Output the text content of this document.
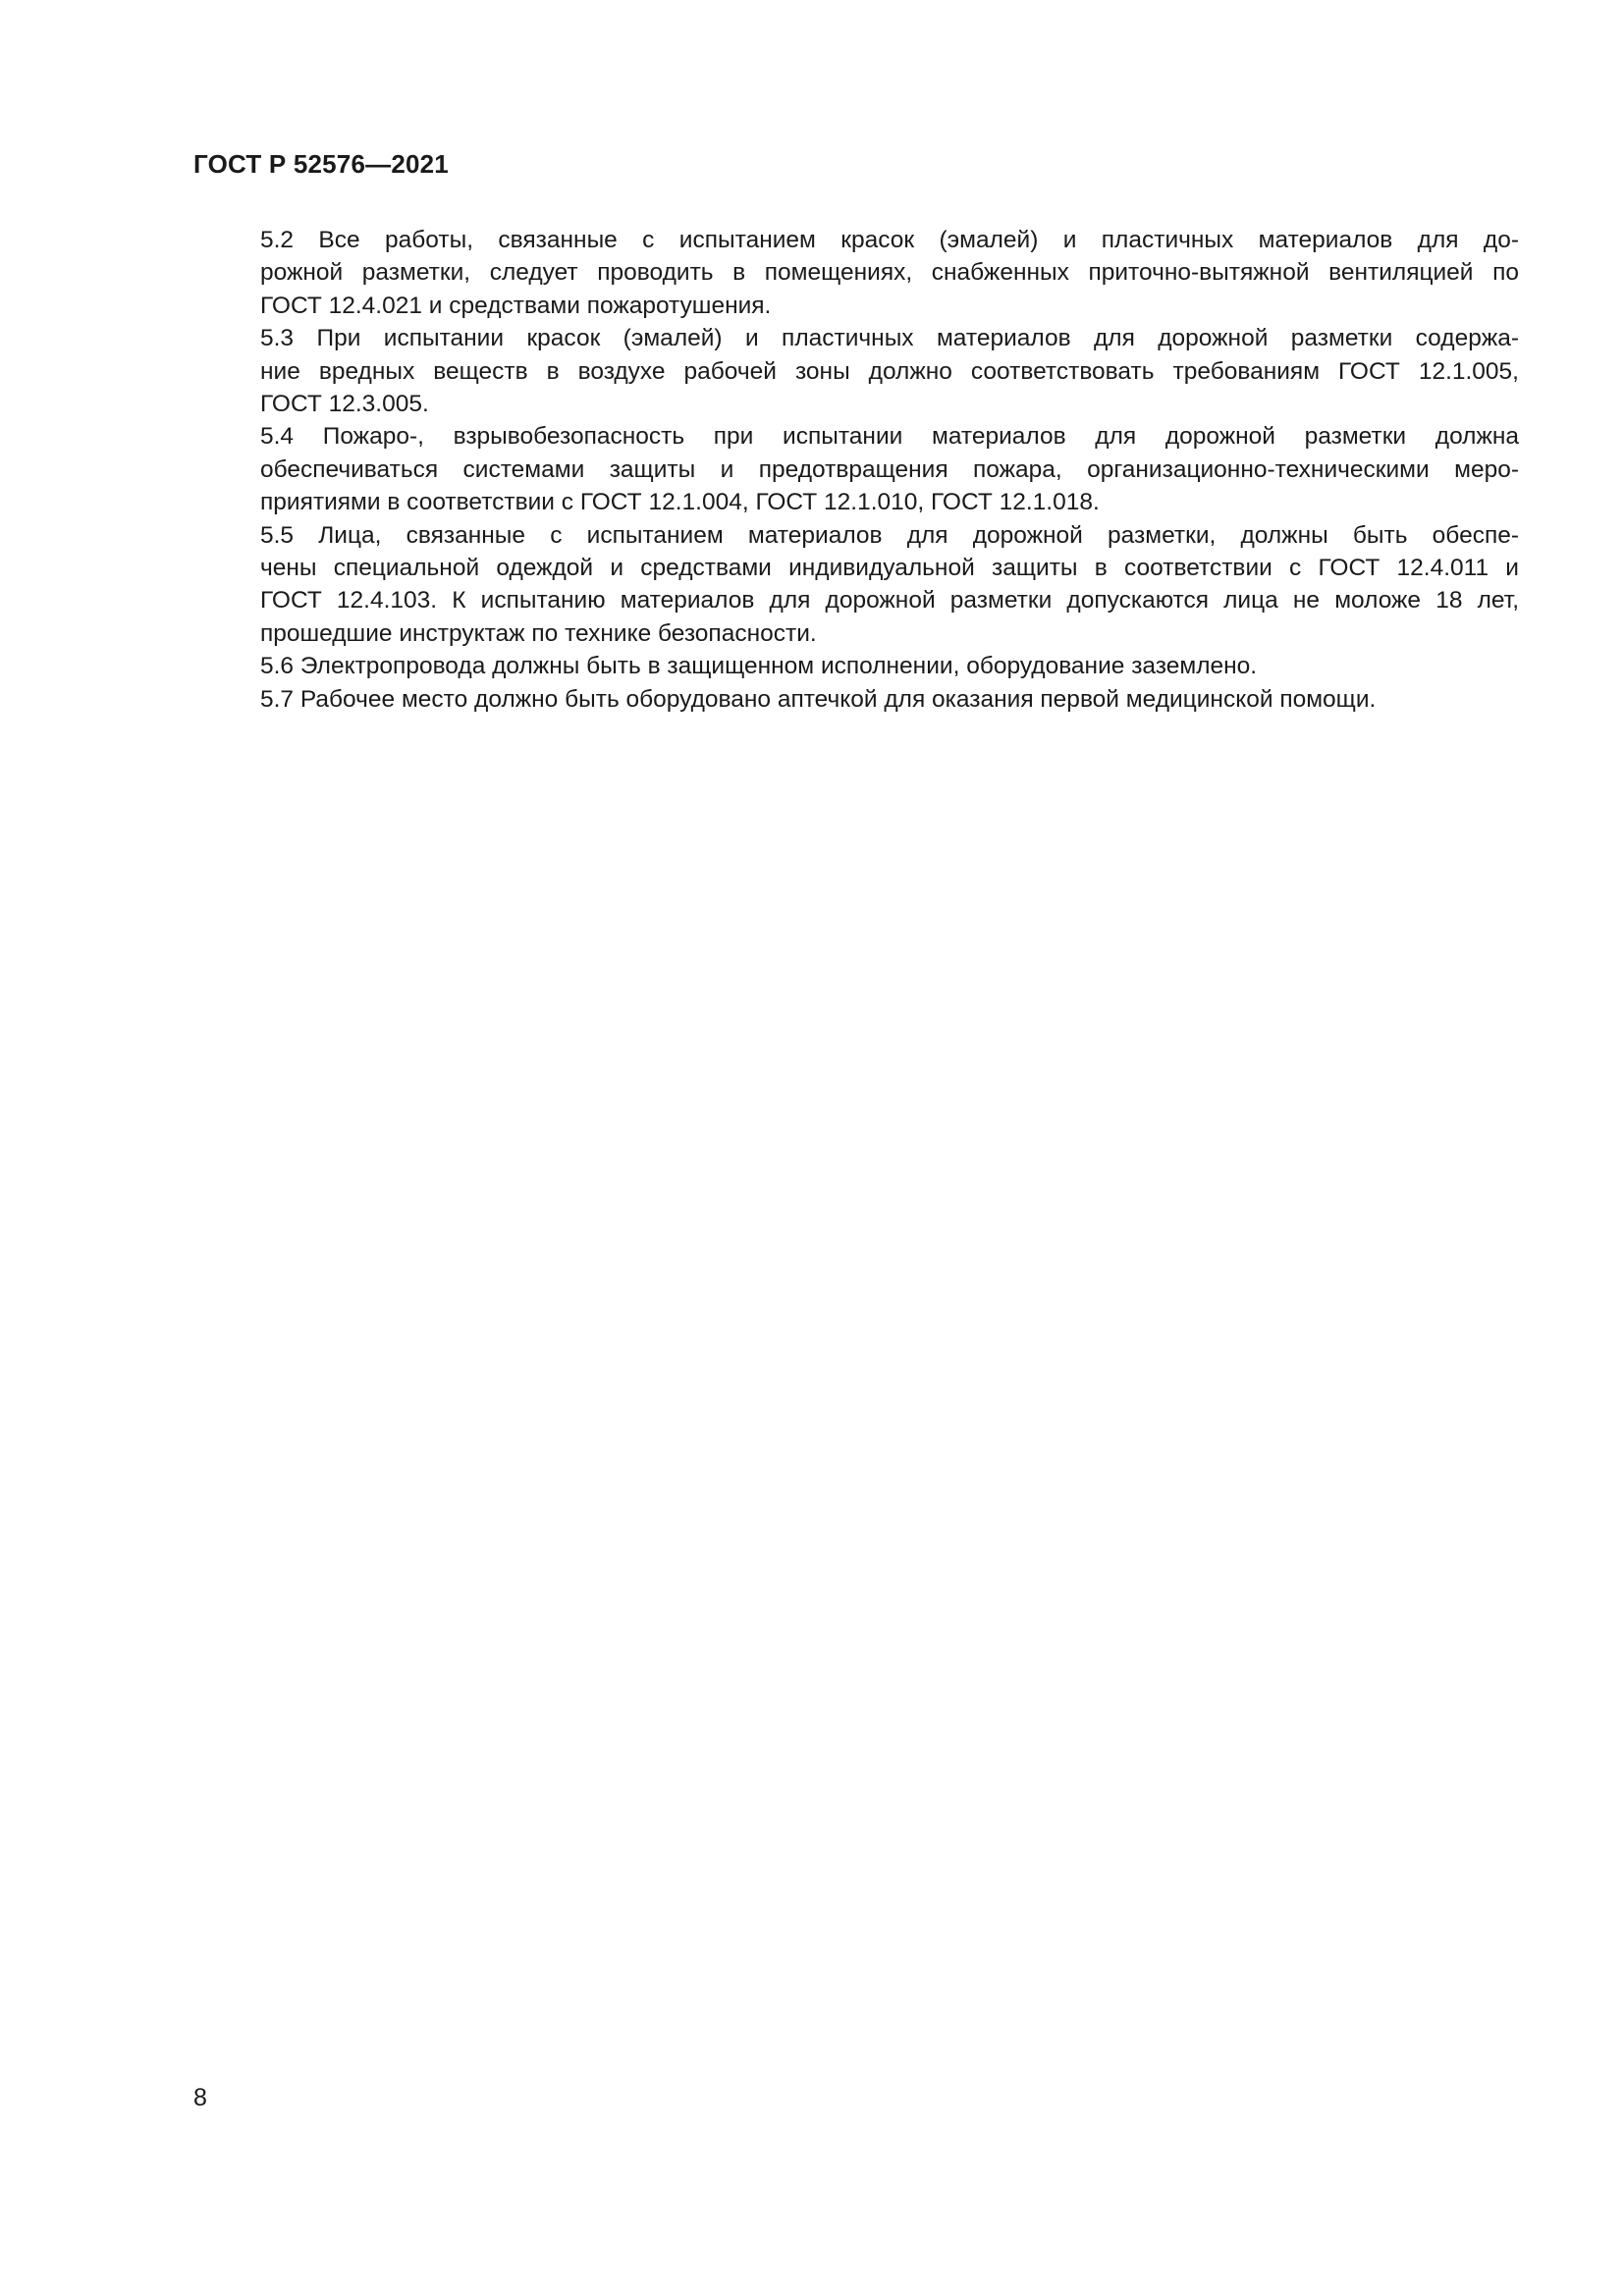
ГОСТ Р 52576—2021

5.2 Все работы, связанные с испытанием красок (эмалей) и пластичных материалов для до-
рожной разметки, следует проводить в помещениях, снабженных приточно-вытяжной вентиляцией по
ГОСТ 12.4.021 и средствами пожаротушения.

5.3 При испытании красок (эмалей) и пластичных материалов для дорожной разметки содержа-
ние вредных веществ в воздухе рабочей зоны должно соответствовать требованиям ГОСТ 12.1.005,
ГОСТ 12.3.005.

5.4 Пожаро-, взрывобезопасность при испытании материалов для дорожной разметки должна
обеспечиваться системами защиты и предотвращения пожара, организационно-техническими меро-
приятиями в соответствии с ГОСТ 12.1.004, ГОСТ 12.1.010, ГОСТ 12.1.018.

5.5 Лица, связанные с испытанием материалов для дорожной разметки, должны быть обеспе-
чены специальной одеждой и средствами индивидуальной защиты в соответствии с ГОСТ 12.4.011 и
ГОСТ 12.4.103. К испытанию материалов для дорожной разметки допускаются лица не моложе 18 лет,
прошедшие инструктаж по технике безопасности.

5.6 Электропровода должны быть в защищенном исполнении, оборудование заземлено.

5.7 Рабочее место должно быть оборудовано аптечкой для оказания первой медицинской помощи.

8
